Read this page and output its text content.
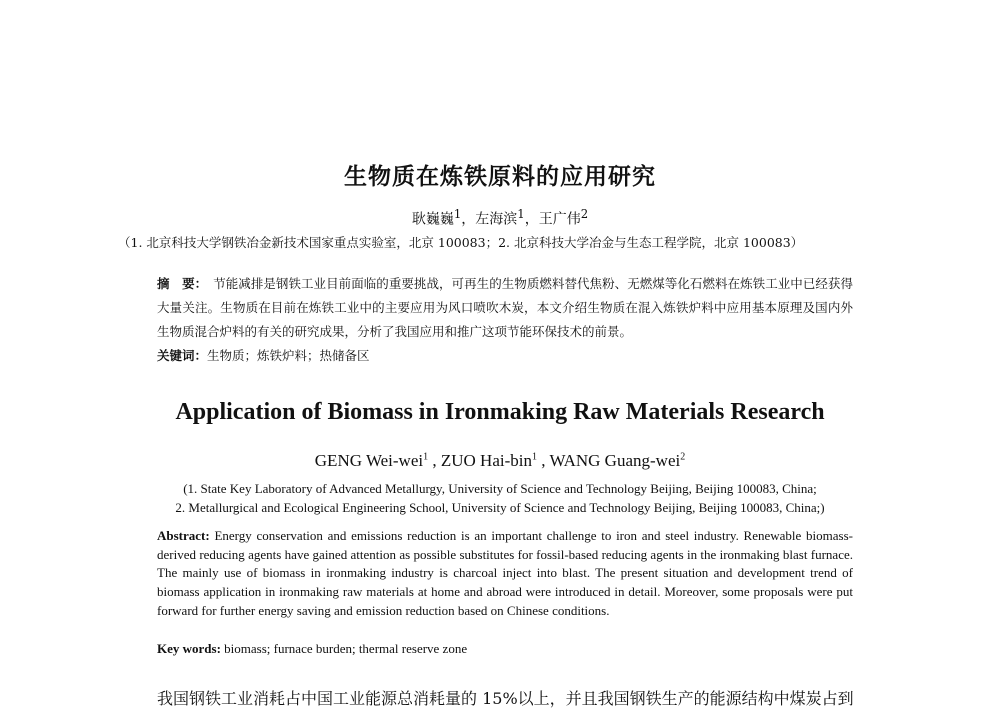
生物质在炼铁原料的应用研究
耿巍巍$^1$，左海滨$^1$，王广伟$^2$
（1. 北京科技大学钢铁冶金新技术国家重点实验室，北京 100083；2. 北京科技大学冶金与生态工程学院，北京 100083）
摘　要： 节能减排是钢铁工业目前面临的重要挑战，可再生的生物质燃料替代焦粉、无燃煤等化石燃料在炼铁工业中已经获得大量关注。生物质在目前在炼铁工业中的主要应用为风口喷吹木炭，本文介绍生物质在混入炼铁炉料中应用基本原理及国内外生物质混合炉料的有关的研究成果，分析了我国应用和推广这项节能环保技术的前景。
关键词：生物质；炼铁炉料；热储备区
Application of Biomass in Ironmaking Raw Materials Research
GENG Wei-wei$^1$ , ZUO Hai-bin$^1$ , WANG Guang-wei$^2$
(1. State Key Laboratory of Advanced Metallurgy, University of Science and Technology Beijing, Beijing 100083, China;
2. Metallurgical and Ecological Engineering School, University of Science and Technology Beijing, Beijing 100083, China;)
Abstract: Energy conservation and emissions reduction is an important challenge to iron and steel industry. Renewable biomass-derived reducing agents have gained attention as possible substitutes for fossil-based reducing agents in the ironmaking blast furnace. The mainly use of biomass in ironmaking industry is charcoal inject into blast. The present situation and development trend of biomass application in ironmaking raw materials at home and abroad were introduced in detail. Moreover, some proposals were put forward for further energy saving and emission reduction based on Chinese conditions.
Key words: biomass; furnace burden; thermal reserve zone
我国钢铁工业消耗占中国工业能源总消耗量的 15%以上，并且我国钢铁生产的能源结构中煤炭占到
